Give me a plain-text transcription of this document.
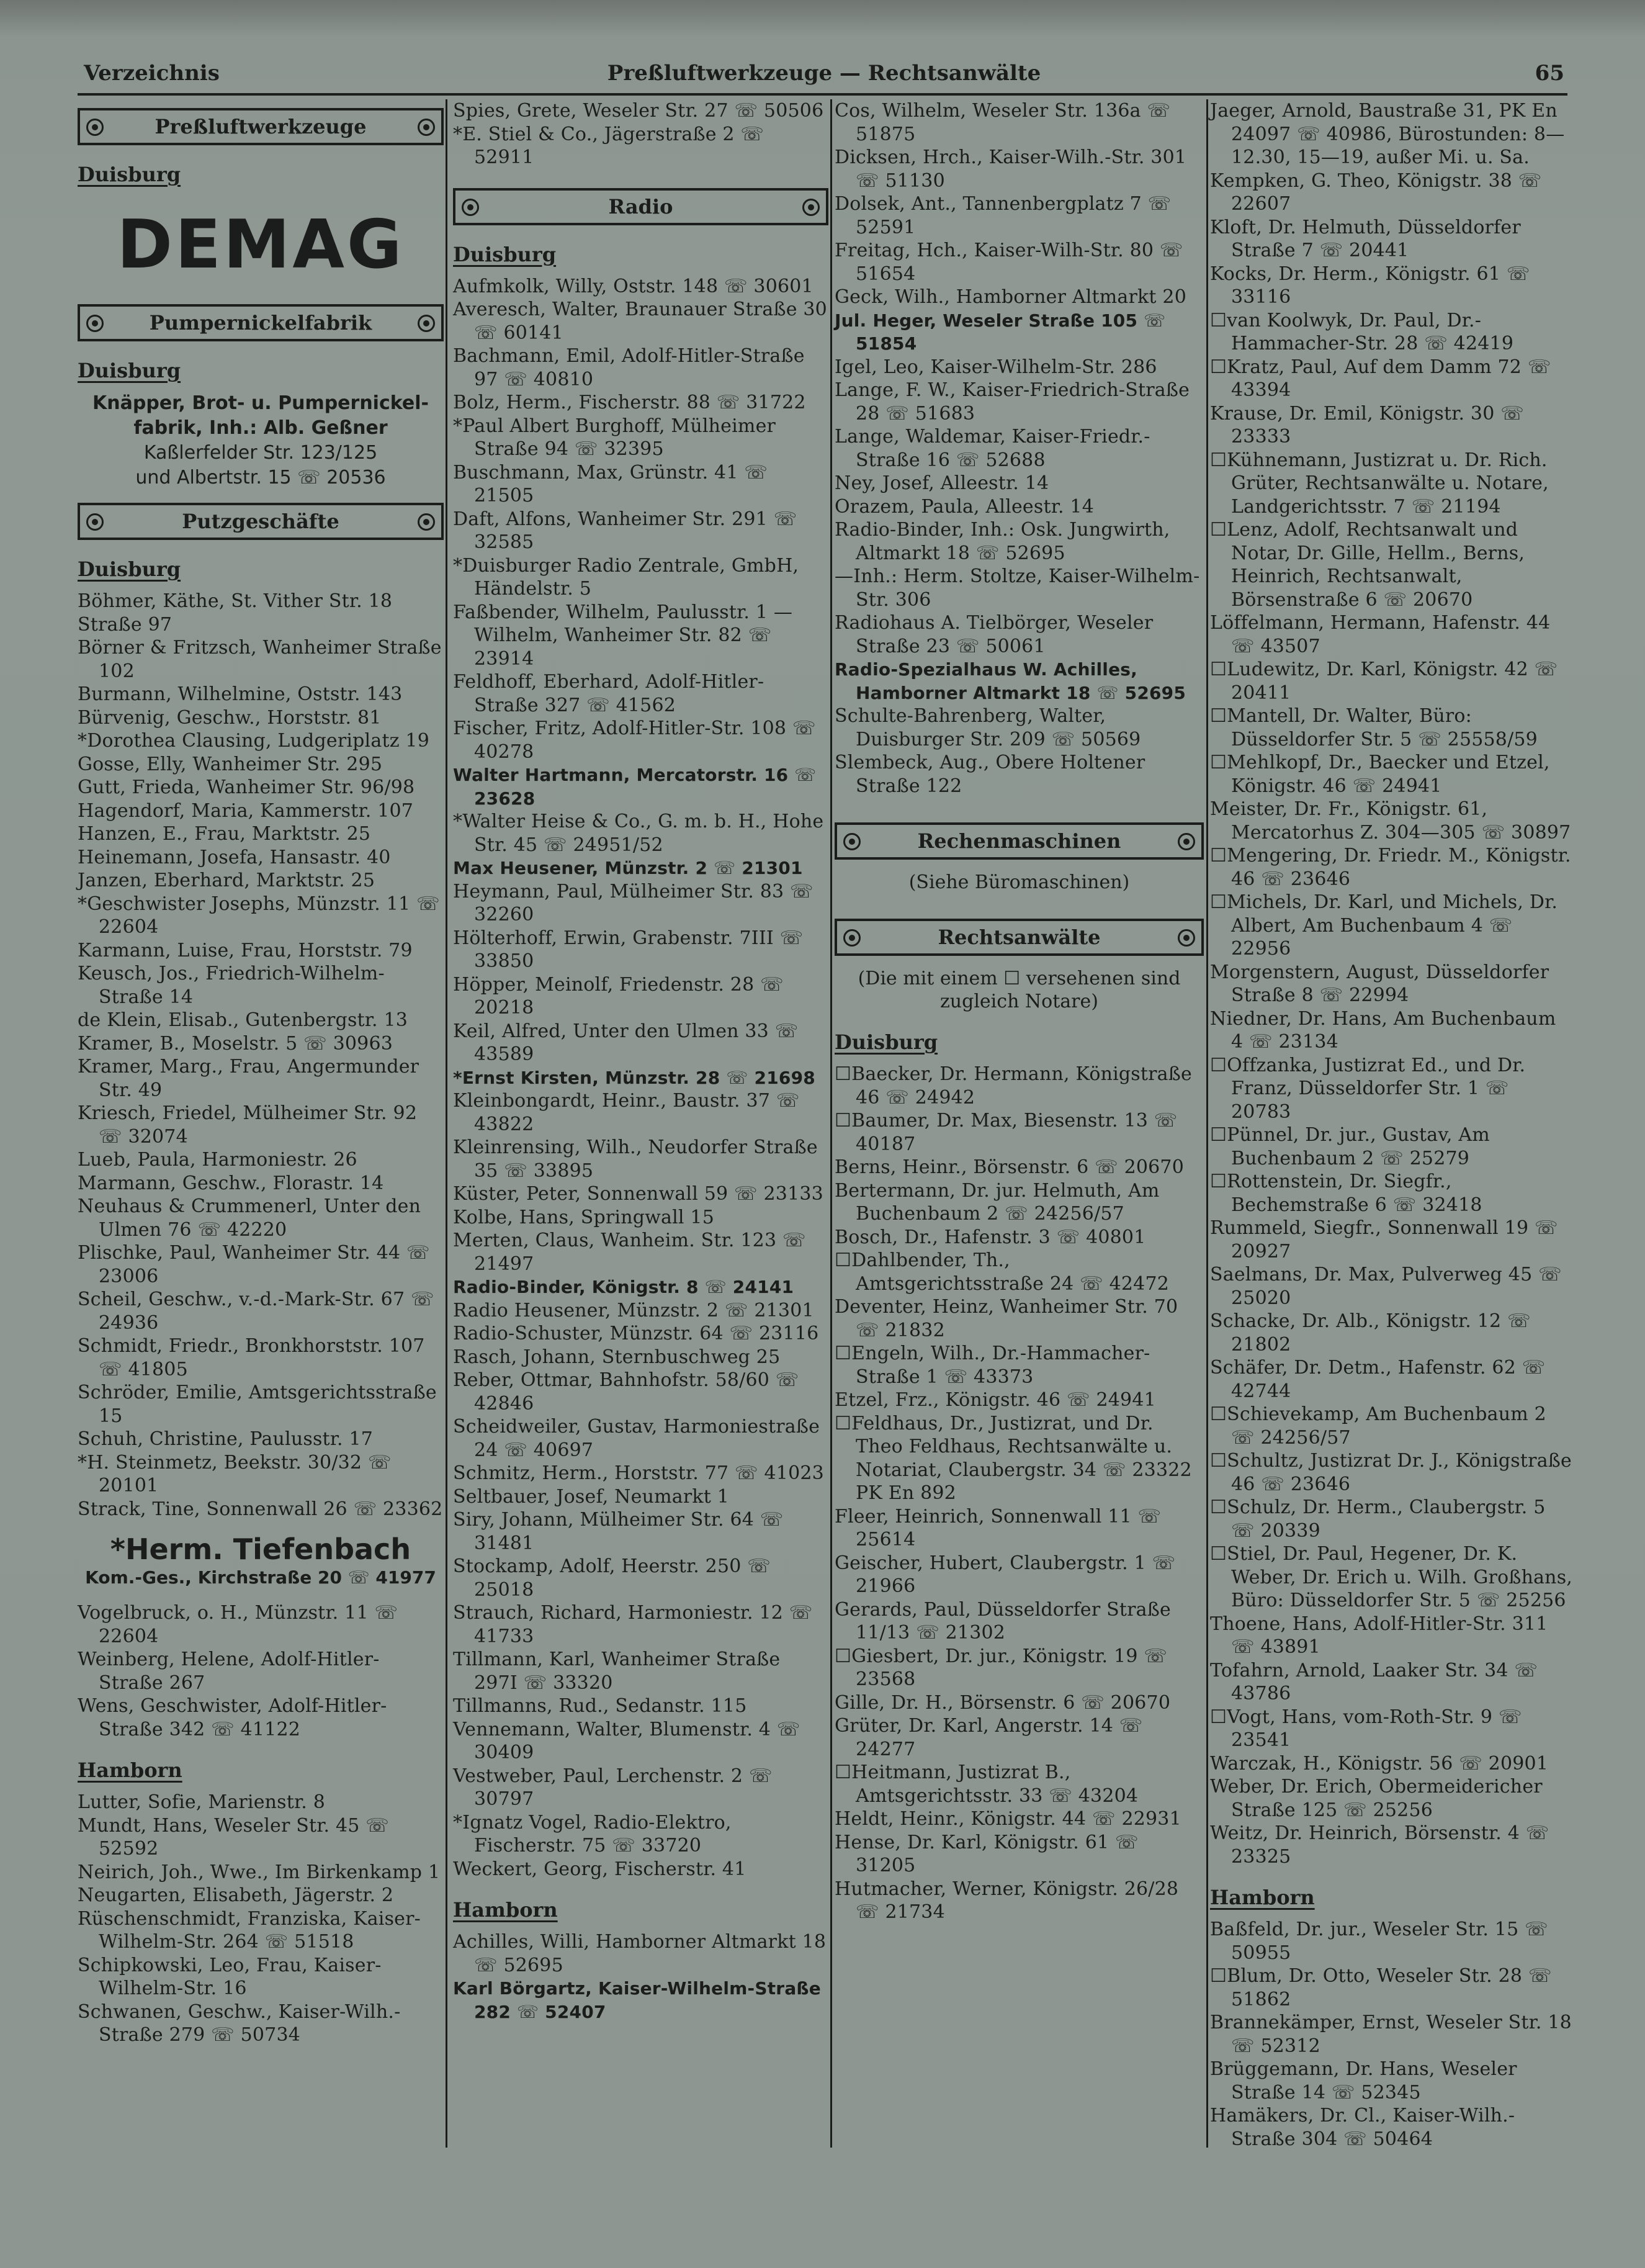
Verzeichnis	Preßluftwerkzeuge — Rechtsanwälte	65
Preßluftwerkzeuge
Duisburg
DEMAG
Pumpernickelfabrik
Duisburg
Knäpper, Brot- u. Pumpernickel-
fabrik, Inh.: Alb. Geßner
Kaßlerfelder Str. 123/125
und Albertstr. 15 ☏ 20536
Putzgeschäfte
Duisburg
Böhmer, Käthe, St. Vither Str. 18
Straße 97
Börner & Fritzsch, Wanheimer Straße 102
Burmann, Wilhelmine, Oststr. 143
Bürvenig, Geschw., Horststr. 81
*Dorothea Clausing, Ludgeriplatz 19
Gosse, Elly, Wanheimer Str. 295
Gutt, Frieda, Wanheimer Str. 96/98
Hagendorf, Maria, Kammerstr. 107
Hanzen, E., Frau, Marktstr. 25
Heinemann, Josefa, Hansastr. 40
Janzen, Eberhard, Marktstr. 25
*Geschwister Josephs, Münzstr. 11 ☏ 22604
Karmann, Luise, Frau, Horststr. 79
Keusch, Jos., Friedrich-Wilhelm-Straße 14
de Klein, Elisab., Gutenbergstr. 13
Kramer, B., Moselstr. 5 ☏ 30963
Kramer, Marg., Frau, Angermunder Str. 49
Kriesch, Friedel, Mülheimer Str. 92 ☏ 32074
Lueb, Paula, Harmoniestr. 26
Marmann, Geschw., Florastr. 14
Neuhaus & Crummenerl, Unter den Ulmen 76 ☏ 42220
Plischke, Paul, Wanheimer Str. 44 ☏ 23006
Scheil, Geschw., v.-d.-Mark-Str. 67 ☏ 24936
Schmidt, Friedr., Bronkhorststr. 107 ☏ 41805
Schröder, Emilie, Amtsgerichtsstraße 15
Schuh, Christine, Paulusstr. 17
*H. Steinmetz, Beekstr. 30/32 ☏ 20101
Strack, Tine, Sonnenwall 26 ☏ 23362
*Herm. Tiefenbach
Kom.-Ges., Kirchstraße 20 ☏ 41977
Vogelbruck, o. H., Münzstr. 11 ☏ 22604
Weinberg, Helene, Adolf-Hitler-Straße 267
Wens, Geschwister, Adolf-Hitler-Straße 342 ☏ 41122
Hamborn
Lutter, Sofie, Marienstr. 8
Mundt, Hans, Weseler Str. 45 ☏ 52592
Neirich, Joh., Wwe., Im Birkenkamp 1
Neugarten, Elisabeth, Jägerstr. 2
Rüschenschmidt, Franziska, Kaiser-Wilhelm-Str. 264 ☏ 51518
Schipkowski, Leo, Frau, Kaiser-Wilhelm-Str. 16
Schwanen, Geschw., Kaiser-Wilh.-Straße 279 ☏ 50734
Spies, Grete, Weseler Str. 27 ☏ 50506
*E. Stiel & Co., Jägerstraße 2 ☏ 52911
Radio
Duisburg
Aufmkolk, Willy, Oststr. 148 ☏ 30601
Averesch, Walter, Braunauer Straße 30 ☏ 60141
Bachmann, Emil, Adolf-Hitler-Straße 97 ☏ 40810
Bolz, Herm., Fischerstr. 88 ☏ 31722
*Paul Albert Burghoff, Mülheimer Straße 94 ☏ 32395
Buschmann, Max, Grünstr. 41 ☏ 21505
Daft, Alfons, Wanheimer Str. 291 ☏ 32585
*Duisburger Radio Zentrale, GmbH, Händelstr. 5
Faßbender, Wilhelm, Paulusstr. 1 —Wilhelm, Wanheimer Str. 82 ☏ 23914
Feldhoff, Eberhard, Adolf-Hitler-Straße 327 ☏ 41562
Fischer, Fritz, Adolf-Hitler-Str. 108 ☏ 40278
Walter Hartmann, Mercatorstr. 16 ☏ 23628
*Walter Heise & Co., G. m. b. H., Hohe Str. 45 ☏ 24951/52
Max Heusener, Münzstr. 2 ☏ 21301
Heymann, Paul, Mülheimer Str. 83 ☏ 32260
Hölterhoff, Erwin, Grabenstr. 7III ☏ 33850
Höpper, Meinolf, Friedenstr. 28 ☏ 20218
Keil, Alfred, Unter den Ulmen 33 ☏ 43589
*Ernst Kirsten, Münzstr. 28 ☏ 21698
Kleinbongardt, Heinr., Baustr. 37 ☏ 43822
Kleinrensing, Wilh., Neudorfer Straße 35 ☏ 33895
Küster, Peter, Sonnenwall 59 ☏ 23133
Kolbe, Hans, Springwall 15
Merten, Claus, Wanheim. Str. 123 ☏ 21497
Radio-Binder, Königstr. 8 ☏ 24141
Radio Heusener, Münzstr. 2 ☏ 21301
Radio-Schuster, Münzstr. 64 ☏ 23116
Rasch, Johann, Sternbuschweg 25
Reber, Ottmar, Bahnhofstr. 58/60 ☏ 42846
Scheidweiler, Gustav, Harmoniestraße 24 ☏ 40697
Schmitz, Herm., Horststr. 77 ☏ 41023
Seltbauer, Josef, Neumarkt 1
Siry, Johann, Mülheimer Str. 64 ☏ 31481
Stockamp, Adolf, Heerstr. 250 ☏ 25018
Strauch, Richard, Harmoniestr. 12 ☏ 41733
Tillmann, Karl, Wanheimer Straße 297I ☏ 33320
Tillmanns, Rud., Sedanstr. 115
Vennemann, Walter, Blumenstr. 4 ☏ 30409
Vestweber, Paul, Lerchenstr. 2 ☏ 30797
*Ignatz Vogel, Radio-Elektro, Fischerstr. 75 ☏ 33720
Weckert, Georg, Fischerstr. 41
Hamborn
Achilles, Willi, Hamborner Altmarkt 18 ☏ 52695
Karl Börgartz, Kaiser-Wilhelm-Straße 282 ☏ 52407
Cos, Wilhelm, Weseler Str. 136a ☏ 51875
Dicksen, Hrch., Kaiser-Wilh.-Str. 301 ☏ 51130
Dolsek, Ant., Tannenbergplatz 7 ☏ 52591
Freitag, Hch., Kaiser-Wilh-Str. 80 ☏ 51654
Geck, Wilh., Hamborner Altmarkt 20
Jul. Heger, Weseler Straße 105 ☏ 51854
Igel, Leo, Kaiser-Wilhelm-Str. 286
Lange, F. W., Kaiser-Friedrich-Straße 28 ☏ 51683
Lange, Waldemar, Kaiser-Friedr.-Straße 16 ☏ 52688
Ney, Josef, Alleestr. 14
Orazem, Paula, Alleestr. 14
Radio-Binder, Inh.: Osk. Jungwirth, Altmarkt 18 ☏ 52695
—Inh.: Herm. Stoltze, Kaiser-Wilhelm-Str. 306
Radiohaus A. Tielbörger, Weseler Straße 23 ☏ 50061
Radio-Spezialhaus W. Achilles, Hamborner Altmarkt 18 ☏ 52695
Schulte-Bahrenberg, Walter, Duisburger Str. 209 ☏ 50569
Slembeck, Aug., Obere Holtener Straße 122
Rechenmaschinen
(Siehe Büromaschinen)
Rechtsanwälte
(Die mit einem ☐ versehenen sind zugleich Notare)
Duisburg
☐Baecker, Dr. Hermann, Königstraße 46 ☏ 24942
☐Baumer, Dr. Max, Biesenstr. 13 ☏ 40187
Berns, Heinr., Börsenstr. 6 ☏ 20670
Bertermann, Dr. jur. Helmuth, Am Buchenbaum 2 ☏ 24256/57
Bosch, Dr., Hafenstr. 3 ☏ 40801
☐Dahlbender, Th., Amtsgerichtsstraße 24 ☏ 42472
Deventer, Heinz, Wanheimer Str. 70 ☏ 21832
☐Engeln, Wilh., Dr.-Hammacher-Straße 1 ☏ 43373
Etzel, Frz., Königstr. 46 ☏ 24941
☐Feldhaus, Dr., Justizrat, und Dr. Theo Feldhaus, Rechtsanwälte u. Notariat, Claubergstr. 34 ☏ 23322 PK En 892
Fleer, Heinrich, Sonnenwall 11 ☏ 25614
Geischer, Hubert, Claubergstr. 1 ☏ 21966
Gerards, Paul, Düsseldorfer Straße 11/13 ☏ 21302
☐Giesbert, Dr. jur., Königstr. 19 ☏ 23568
Gille, Dr. H., Börsenstr. 6 ☏ 20670
Grüter, Dr. Karl, Angerstr. 14 ☏ 24277
☐Heitmann, Justizrat B., Amtsgerichtsstr. 33 ☏ 43204
Heldt, Heinr., Königstr. 44 ☏ 22931
Hense, Dr. Karl, Königstr. 61 ☏ 31205
Hutmacher, Werner, Königstr. 26/28 ☏ 21734
Jaeger, Arnold, Baustraße 31, PK En 24097 ☏ 40986, Bürostunden: 8—12.30, 15—19, außer Mi. u. Sa.
Kempken, G. Theo, Königstr. 38 ☏ 22607
Kloft, Dr. Helmuth, Düsseldorfer Straße 7 ☏ 20441
Kocks, Dr. Herm., Königstr. 61 ☏ 33116
☐van Koolwyk, Dr. Paul, Dr.-Hammacher-Str. 28 ☏ 42419
☐Kratz, Paul, Auf dem Damm 72 ☏ 43394
Krause, Dr. Emil, Königstr. 30 ☏ 23333
☐Kühnemann, Justizrat u. Dr. Rich. Grüter, Rechtsanwälte u. Notare, Landgerichtsstr. 7 ☏ 21194
☐Lenz, Adolf, Rechtsanwalt und Notar, Dr. Gille, Hellm., Berns, Heinrich, Rechtsanwalt, Börsenstraße 6 ☏ 20670
Löffelmann, Hermann, Hafenstr. 44 ☏ 43507
☐Ludewitz, Dr. Karl, Königstr. 42 ☏ 20411
☐Mantell, Dr. Walter, Büro: Düsseldorfer Str. 5 ☏ 25558/59
☐Mehlkopf, Dr., Baecker und Etzel, Königstr. 46 ☏ 24941
Meister, Dr. Fr., Königstr. 61, Mercatorhus Z. 304—305 ☏ 30897
☐Mengering, Dr. Friedr. M., Königstr. 46 ☏ 23646
☐Michels, Dr. Karl, und Michels, Dr. Albert, Am Buchenbaum 4 ☏ 22956
Morgenstern, August, Düsseldorfer Straße 8 ☏ 22994
Niedner, Dr. Hans, Am Buchenbaum 4 ☏ 23134
☐Offzanka, Justizrat Ed., und Dr. Franz, Düsseldorfer Str. 1 ☏ 20783
☐Pünnel, Dr. jur., Gustav, Am Buchenbaum 2 ☏ 25279
☐Rottenstein, Dr. Siegfr., Bechemstraße 6 ☏ 32418
Rummeld, Siegfr., Sonnenwall 19 ☏ 20927
Saelmans, Dr. Max, Pulverweg 45 ☏ 25020
Schacke, Dr. Alb., Königstr. 12 ☏ 21802
Schäfer, Dr. Detm., Hafenstr. 62 ☏ 42744
☐Schievekamp, Am Buchenbaum 2 ☏ 24256/57
☐Schultz, Justizrat Dr. J., Königstraße 46 ☏ 23646
☐Schulz, Dr. Herm., Claubergstr. 5 ☏ 20339
☐Stiel, Dr. Paul, Hegener, Dr. K. Weber, Dr. Erich u. Wilh. Großhans, Büro: Düsseldorfer Str. 5 ☏ 25256
Thoene, Hans, Adolf-Hitler-Str. 311 ☏ 43891
Tofahrn, Arnold, Laaker Str. 34 ☏ 43786
☐Vogt, Hans, vom-Roth-Str. 9 ☏ 23541
Warczak, H., Königstr. 56 ☏ 20901
Weber, Dr. Erich, Obermeidericher Straße 125 ☏ 25256
Weitz, Dr. Heinrich, Börsenstr. 4 ☏ 23325
Hamborn
Baßfeld, Dr. jur., Weseler Str. 15 ☏ 50955
☐Blum, Dr. Otto, Weseler Str. 28 ☏ 51862
Brannekämper, Ernst, Weseler Str. 18 ☏ 52312
Brüggemann, Dr. Hans, Weseler Straße 14 ☏ 52345
Hamäkers, Dr. Cl., Kaiser-Wilh.-Straße 304 ☏ 50464
